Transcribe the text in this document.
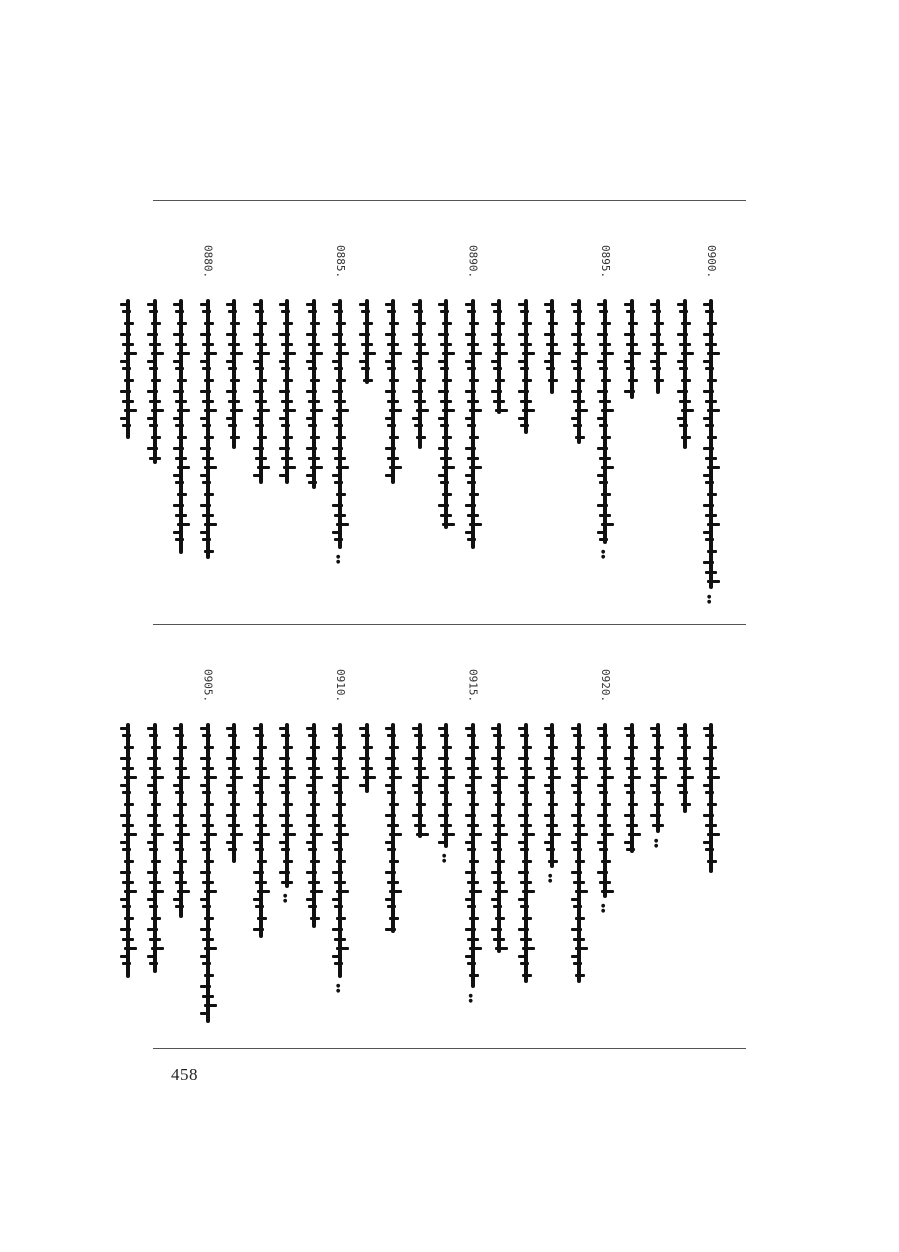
0900.
●
●
0895.
●
●
0890.
0885.
●
●
0880.
●
●
0920.
●
●
●
●
0915.
●
●
●
●
0910.
●
●
●
●
0905.
458
